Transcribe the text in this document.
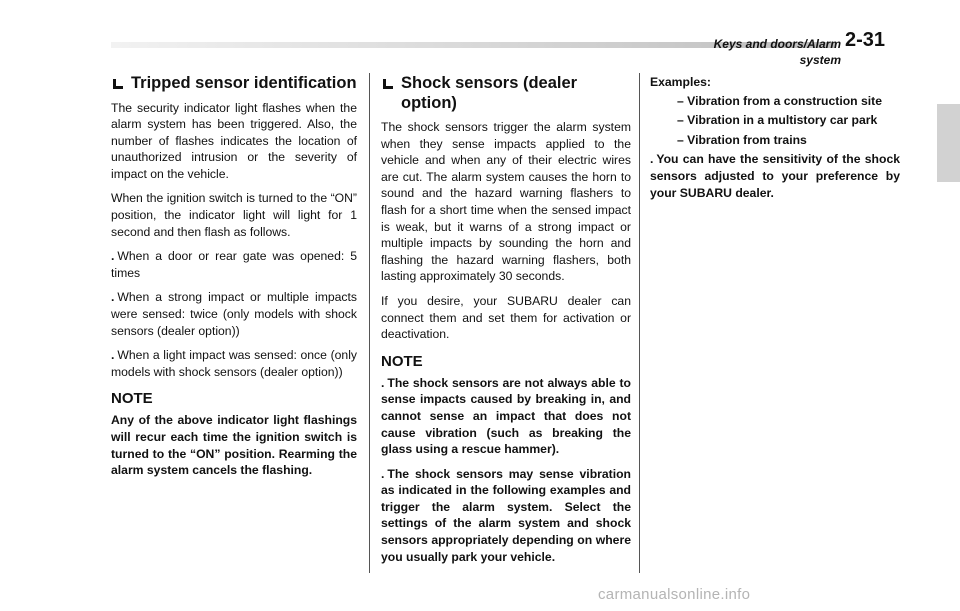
Keys and doors/Alarm system
2-31
Tripped sensor identification

The security indicator light flashes when the alarm system has been triggered. Also, the number of flashes indicates the location of unauthorized intrusion or the severity of impact on the vehicle.

When the ignition switch is turned to the “ON” position, the indicator light will light for 1 second and then flash as follows.

. When a door or rear gate was opened: 5 times

. When a strong impact or multiple impacts were sensed: twice (only models with shock sensors (dealer option))

. When a light impact was sensed: once (only models with shock sensors (dealer option))

NOTE

Any of the above indicator light flashings will recur each time the ignition switch is turned to the “ON” position. Rearming the alarm system cancels the flashing.

Shock sensors (dealer option)

The shock sensors trigger the alarm system when they sense impacts applied to the vehicle and when any of their electric wires are cut. The alarm system causes the horn to sound and the hazard warning flashers to flash for a short time when the sensed impact is weak, but it warns of a strong impact or multiple impacts by sounding the horn and flashing the hazard warning flashers, both lasting approximately 30 seconds.

If you desire, your SUBARU dealer can connect them and set them for activation or deactivation.

NOTE

. The shock sensors are not always able to sense impacts caused by breaking in, and cannot sense an impact that does not cause vibration (such as breaking the glass using a rescue hammer).

. The shock sensors may sense vibration as indicated in the following examples and trigger the alarm system. Select the settings of the alarm system and shock sensors appropriately depending on where you usually park your vehicle.

Examples:

– Vibration from a construction site
– Vibration in a multistory car park
– Vibration from trains

. You can have the sensitivity of the shock sensors adjusted to your preference by your SUBARU dealer.

carmanualsonline.info
